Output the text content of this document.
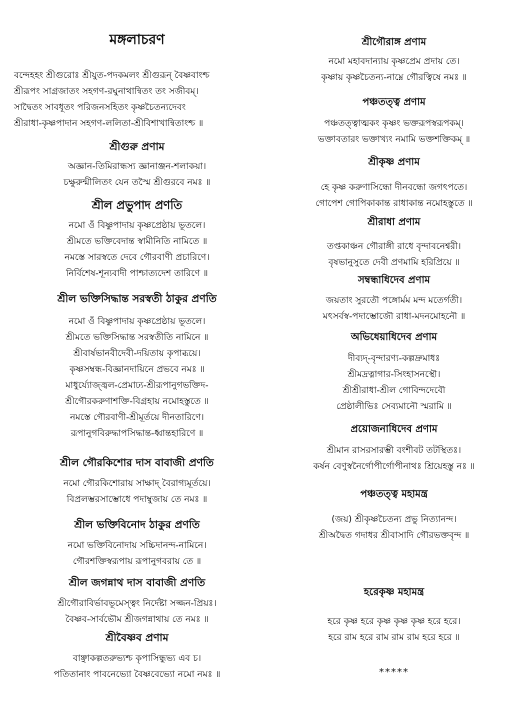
মঙ্গলাচরণ
বন্দেহহং শ্রীগুরোঃ শ্রীযুত-পদকমলং শ্রীগুরূন্ বৈষ্ণবাংশ্চ
শ্রীরূপং সাগ্রজাতং সহগণ-রঘুনাথান্বিতং তং সজীবম্।
সাদ্বৈতং সাবধূতং পরিজনসহিতং কৃষ্ণচৈতন্যদেবং
শ্রীরাধা-কৃষ্ণপাদান সহগণ-ললিতা-শ্রীবিশাখান্বিতাংশ্চ ॥
শ্রীগুরু প্রণাম
অজ্ঞান-তিমিরান্ধস্য জ্ঞানাঞ্জন-শলাকয়া।
চক্ষুরুন্মীলিতং যেন তস্মৈ শ্রীগুরবে নমঃ ॥
শ্রীল প্রভুপাদ প্রণতি
নমো ওঁ বিষ্ণুপাদায় কৃষ্ণপ্রেষ্ঠায় ভূতলে।
শ্রীমতে ভক্তিবেদান্ত স্বামীনিতি নামিতে ॥
নমস্তে সারস্বতে দেবে গৌরবাণী প্রচারিণে।
নির্বিশেষ-শূন্যবাদী পাশ্চাত্যদেশ তারিণে ॥
শ্রীল ভক্তিসিদ্ধান্ত সরস্বতী ঠাকুর প্রণতি
নমো ওঁ বিষ্ণুপাদায় কৃষ্ণপ্রেষ্ঠায় ভূতলে।
শ্রীমতে ভক্তিসিদ্ধান্ত সরস্বতীতি নামিনে ॥
শ্রীবার্ষভানবীদেবী-দয়িতায় কৃপাব্ধয়ে।
কৃষ্ণসম্বন্ধ-বিজ্ঞানদায়িনে প্রভবে নমঃ ॥
মাধুর্য্যোজ্জ্বল-প্রেমাঢ্য-শ্রীরূপানুগভক্তিদ-
শ্রীগৌরকরুণাশক্তি-বিগ্রহায় নমোহস্তুতে ॥
নমস্তে গৌরবাণী-শ্রীমূর্তয়ে দীনতারিণে।
রূপানুগবিরুদ্ধাপসিদ্ধান্ত-ধ্বান্তহারিণে ॥
শ্রীল গৌরকিশোর দাস বাবাজী প্রণতি
নমো গৌরকিশোরায় সাক্ষাদ্ বৈরাগ্যমূর্তয়ে।
বিপ্রলম্ভরসাম্ভোধে পদাম্বুজায় তে নমঃ ॥
শ্রীল ভক্তিবিনোদ ঠাকুর প্রণতি
নমো ভক্তিবিনোদায় সচ্চিদানন্দ-নামিনে।
গৌরশক্তিস্বরূপায় রূপানুগবরায় তে ॥
শ্রীল জগন্নাথ দাস বাবাজী প্রণতি
শ্রীগৌরাবির্ভাবভূমেস্ত্বং নির্দেষ্টা সজ্জন-প্রিয়ঃ।
বৈষ্ণব-সার্বভৌম শ্রীজগন্নাথায় তে নমঃ ॥
শ্রীবৈষ্ণব প্রণাম
বাঞ্ছাকল্পতরুভ্যশ্চ কৃপাসিন্ধুভ্য এব চ।
পতিতানাং পাবনেভ্যো বৈষ্ণবেভ্যো নমো নমঃ ॥
শ্রীগৌরাঙ্গ প্রণাম
নমো মহাবদান্যায় কৃষ্ণপ্রেম প্রদায় তে।
কৃষ্ণায় কৃষ্ণচৈতন্য-নাম্নে গৌরত্বিষে নমঃ ॥
পঞ্চতত্ত্ব প্রণাম
পঞ্চতত্ত্বাত্মকং কৃষ্ণং ভক্তরূপস্বরূপকম্।
ভক্তাবতারং ভক্তাখ্যং নমামি ভক্তশক্তিকম্ ॥
শ্রীকৃষ্ণ প্রণাম
হে কৃষ্ণ করুণাসিন্ধো দীনবন্ধো জগৎপতে।
গোপেশ গোপিকাকান্ত রাধাকান্ত নমোহস্তুতে ॥
শ্রীরাধা প্রণাম
তপ্তকাঞ্চন গৌরাঙ্গী রাধে বৃন্দাবনেশ্বরী।
বৃষভানুসুতে দেবী প্রণমামি হরিপ্রিয়ে ॥
সম্বন্ধাধিদেব প্রণাম
জয়তাং সুরতৌ পঙ্গোর্মম মন্দ মতের্গতী।
মৎসর্বস্ব-পদাম্ভোজৌ রাধা-মদনমোহনৌ ॥
অভিধেয়াধিদেব প্রণাম
দীব্যদ্-বৃন্দারণ্য-কল্পদ্রুমাধঃ
শ্রীমদ্রত্নাগার-সিংহাসনস্থৌ।
শ্রীশ্রীরাধা-শ্রীল গোবিন্দদেবৌ
প্রেষ্ঠালীভিঃ সেব্যমানৌ স্মরামি ॥
প্রয়োজনাধিদেব প্রণাম
শ্রীমান রাসরসারম্ভী বংশীবট তটস্থিতঃ।
কর্ষন বেণুস্বনৈর্গোপীর্গোপীনাথঃ শ্রিয়েহস্তু নঃ ॥
পঞ্চতত্ত্ব মহামন্ত্র
(জয়) শ্রীকৃষ্ণচৈতন্য প্রভু নিত্যানন্দ।
শ্রীঅদ্বৈত গদাধর শ্রীবাসাদি গৌরভক্তবৃন্দ ॥
হরেকৃষ্ণ মহামন্ত্র
হরে কৃষ্ণ হরে কৃষ্ণ কৃষ্ণ কৃষ্ণ হরে হরে।
হরে রাম হরে রাম রাম রাম হরে হরে ॥
*****
